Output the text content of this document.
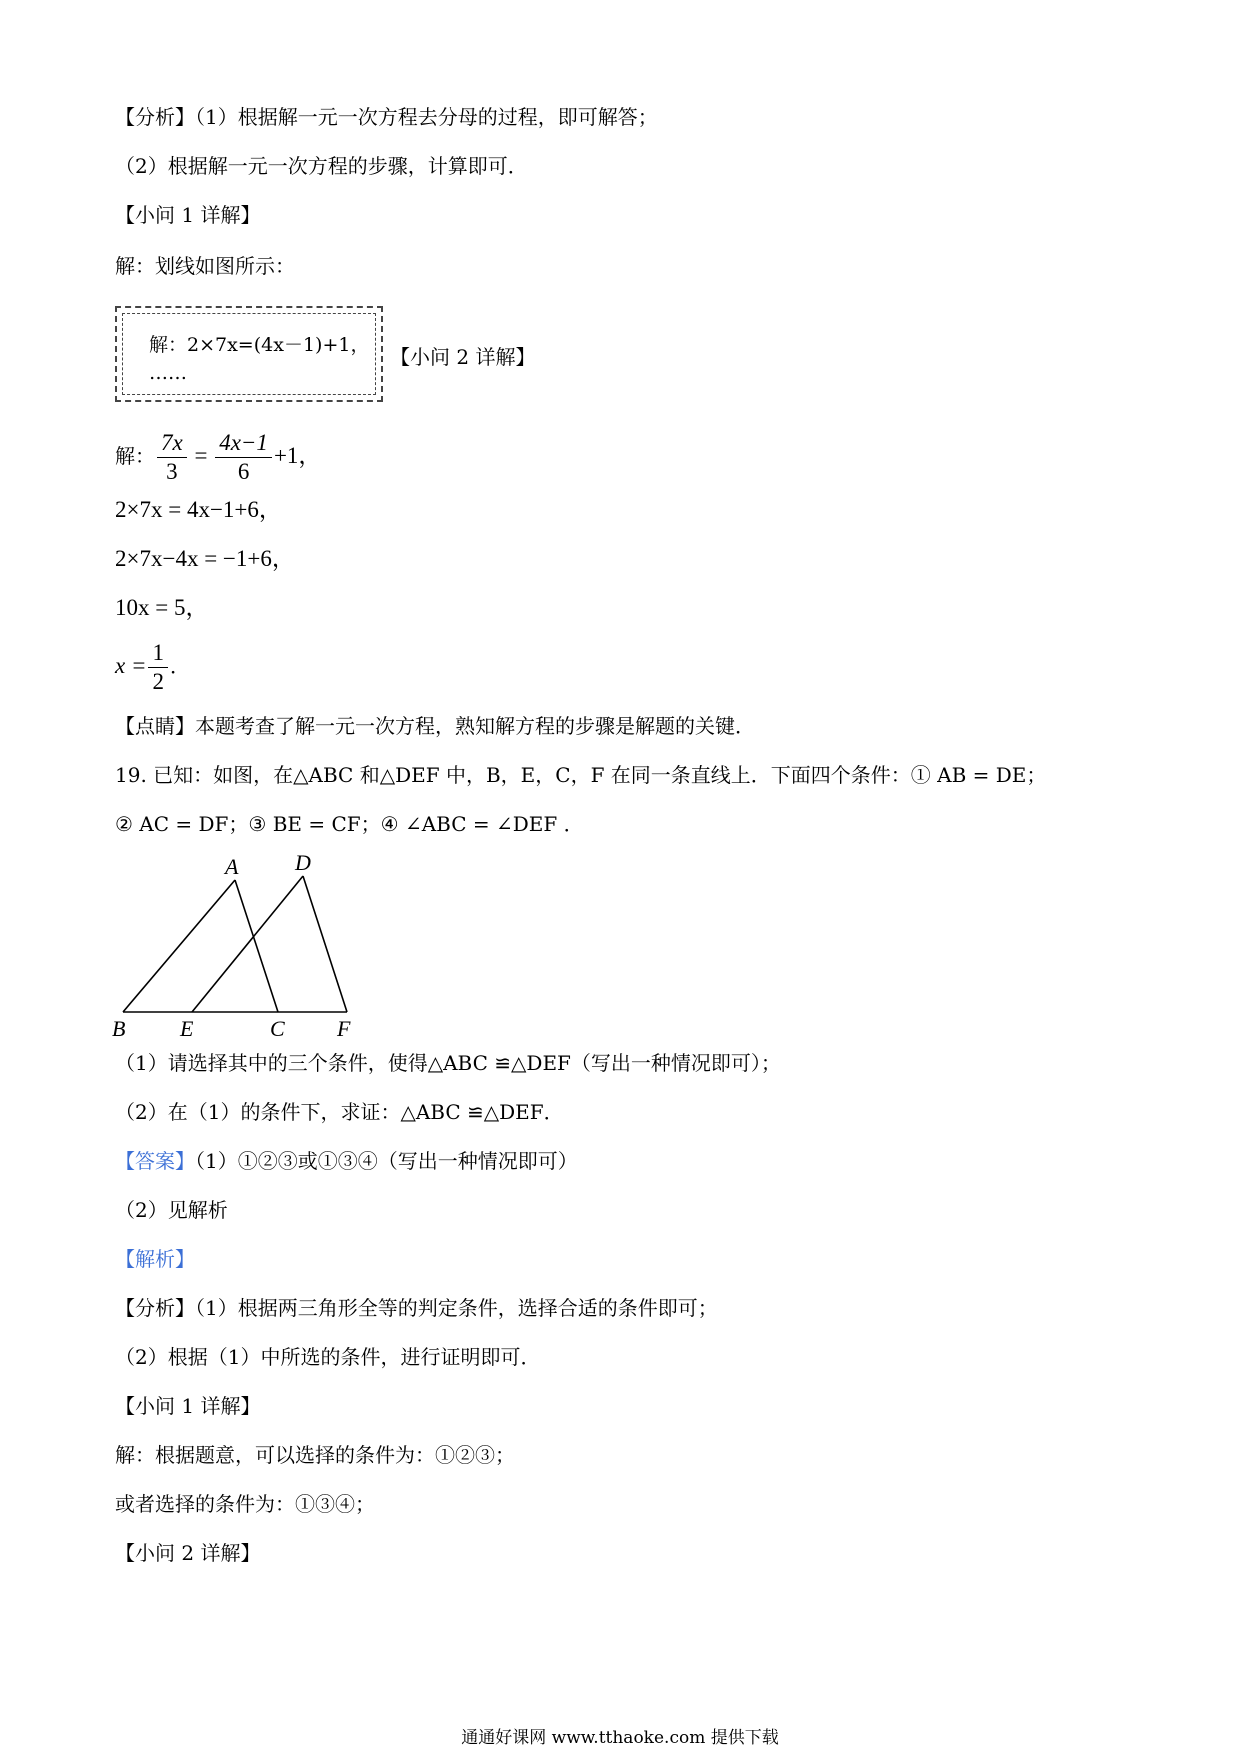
【分析】（1）根据解一元一次方程去分母的过程，即可解答；
（2）根据解一元一次方程的步骤，计算即可．
【小问 1 详解】
解：划线如图所示：
解：2×7x=(4x－1)+1，
……
【小问 2 详解】
解： $\frac{7x}{3} = \frac{4x-1}{6} +1$，
2×7x = 4x−1+6，
2×7x−4x = −1+6，
10x = 5，
$x = \frac{1}{2}$ ．
【点睛】本题考查了解一元一次方程，熟知解方程的步骤是解题的关键．
19. 已知：如图，在△ABC 和△DEF 中，B，E，C，F 在同一条直线上．下面四个条件：① AB = DE；
② AC = DF；③ BE = CF；④ ∠ABC = ∠DEF ．
A	D
B E	C F
（1）请选择其中的三个条件，使得△ABC ≌△DEF（写出一种情况即可）；
（2）在（1）的条件下，求证：△ABC ≌△DEF．
【答案】（1）①②③或①③④（写出一种情况即可）
（2）见解析
【解析】
【分析】（1）根据两三角形全等的判定条件，选择合适的条件即可；
（2）根据（1）中所选的条件，进行证明即可．
【小问 1 详解】
解：根据题意，可以选择的条件为：①②③；
或者选择的条件为：①③④；
【小问 2 详解】
通通好课网 www.tthaoke.com 提供下载
